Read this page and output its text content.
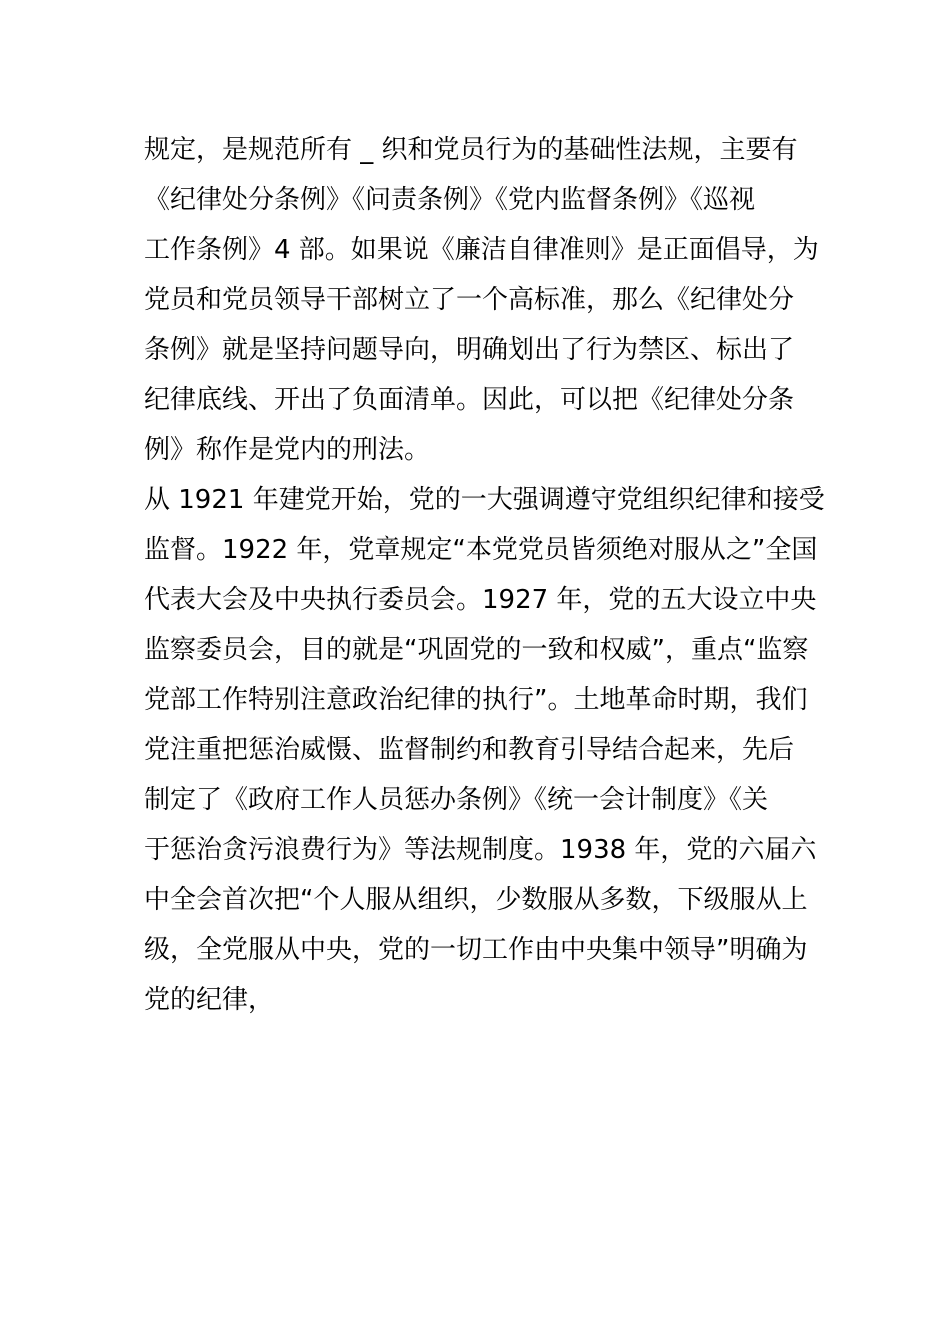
规定，是规范所有 _ 织和党员行为的基础性法规，主要有
《纪律处分条例》《问责条例》《党内监督条例》《巡视
工作条例》4 部。如果说《廉洁自律准则》是正面倡导，为
党员和党员领导干部树立了一个高标准，那么《纪律处分
条例》就是坚持问题导向，明确划出了行为禁区、标出了
纪律底线、开出了负面清单。因此，可以把《纪律处分条
例》称作是党内的刑法。
从 1921 年建党开始，党的一大强调遵守党组织纪律和接受
监督。1922 年，党章规定“本党党员皆须绝对服从之”全国
代表大会及中央执行委员会。1927 年，党的五大设立中央
监察委员会，目的就是“巩固党的一致和权威”，重点“监察
党部工作特别注意政治纪律的执行”。土地革命时期，我们
党注重把惩治威慑、监督制约和教育引导结合起来，先后
制定了《政府工作人员惩办条例》《统一会计制度》《关
于惩治贪污浪费行为》等法规制度。1938 年，党的六届六
中全会首次把“个人服从组织，少数服从多数，下级服从上
级，全党服从中央，党的一切工作由中央集中领导”明确为
党的纪律，
